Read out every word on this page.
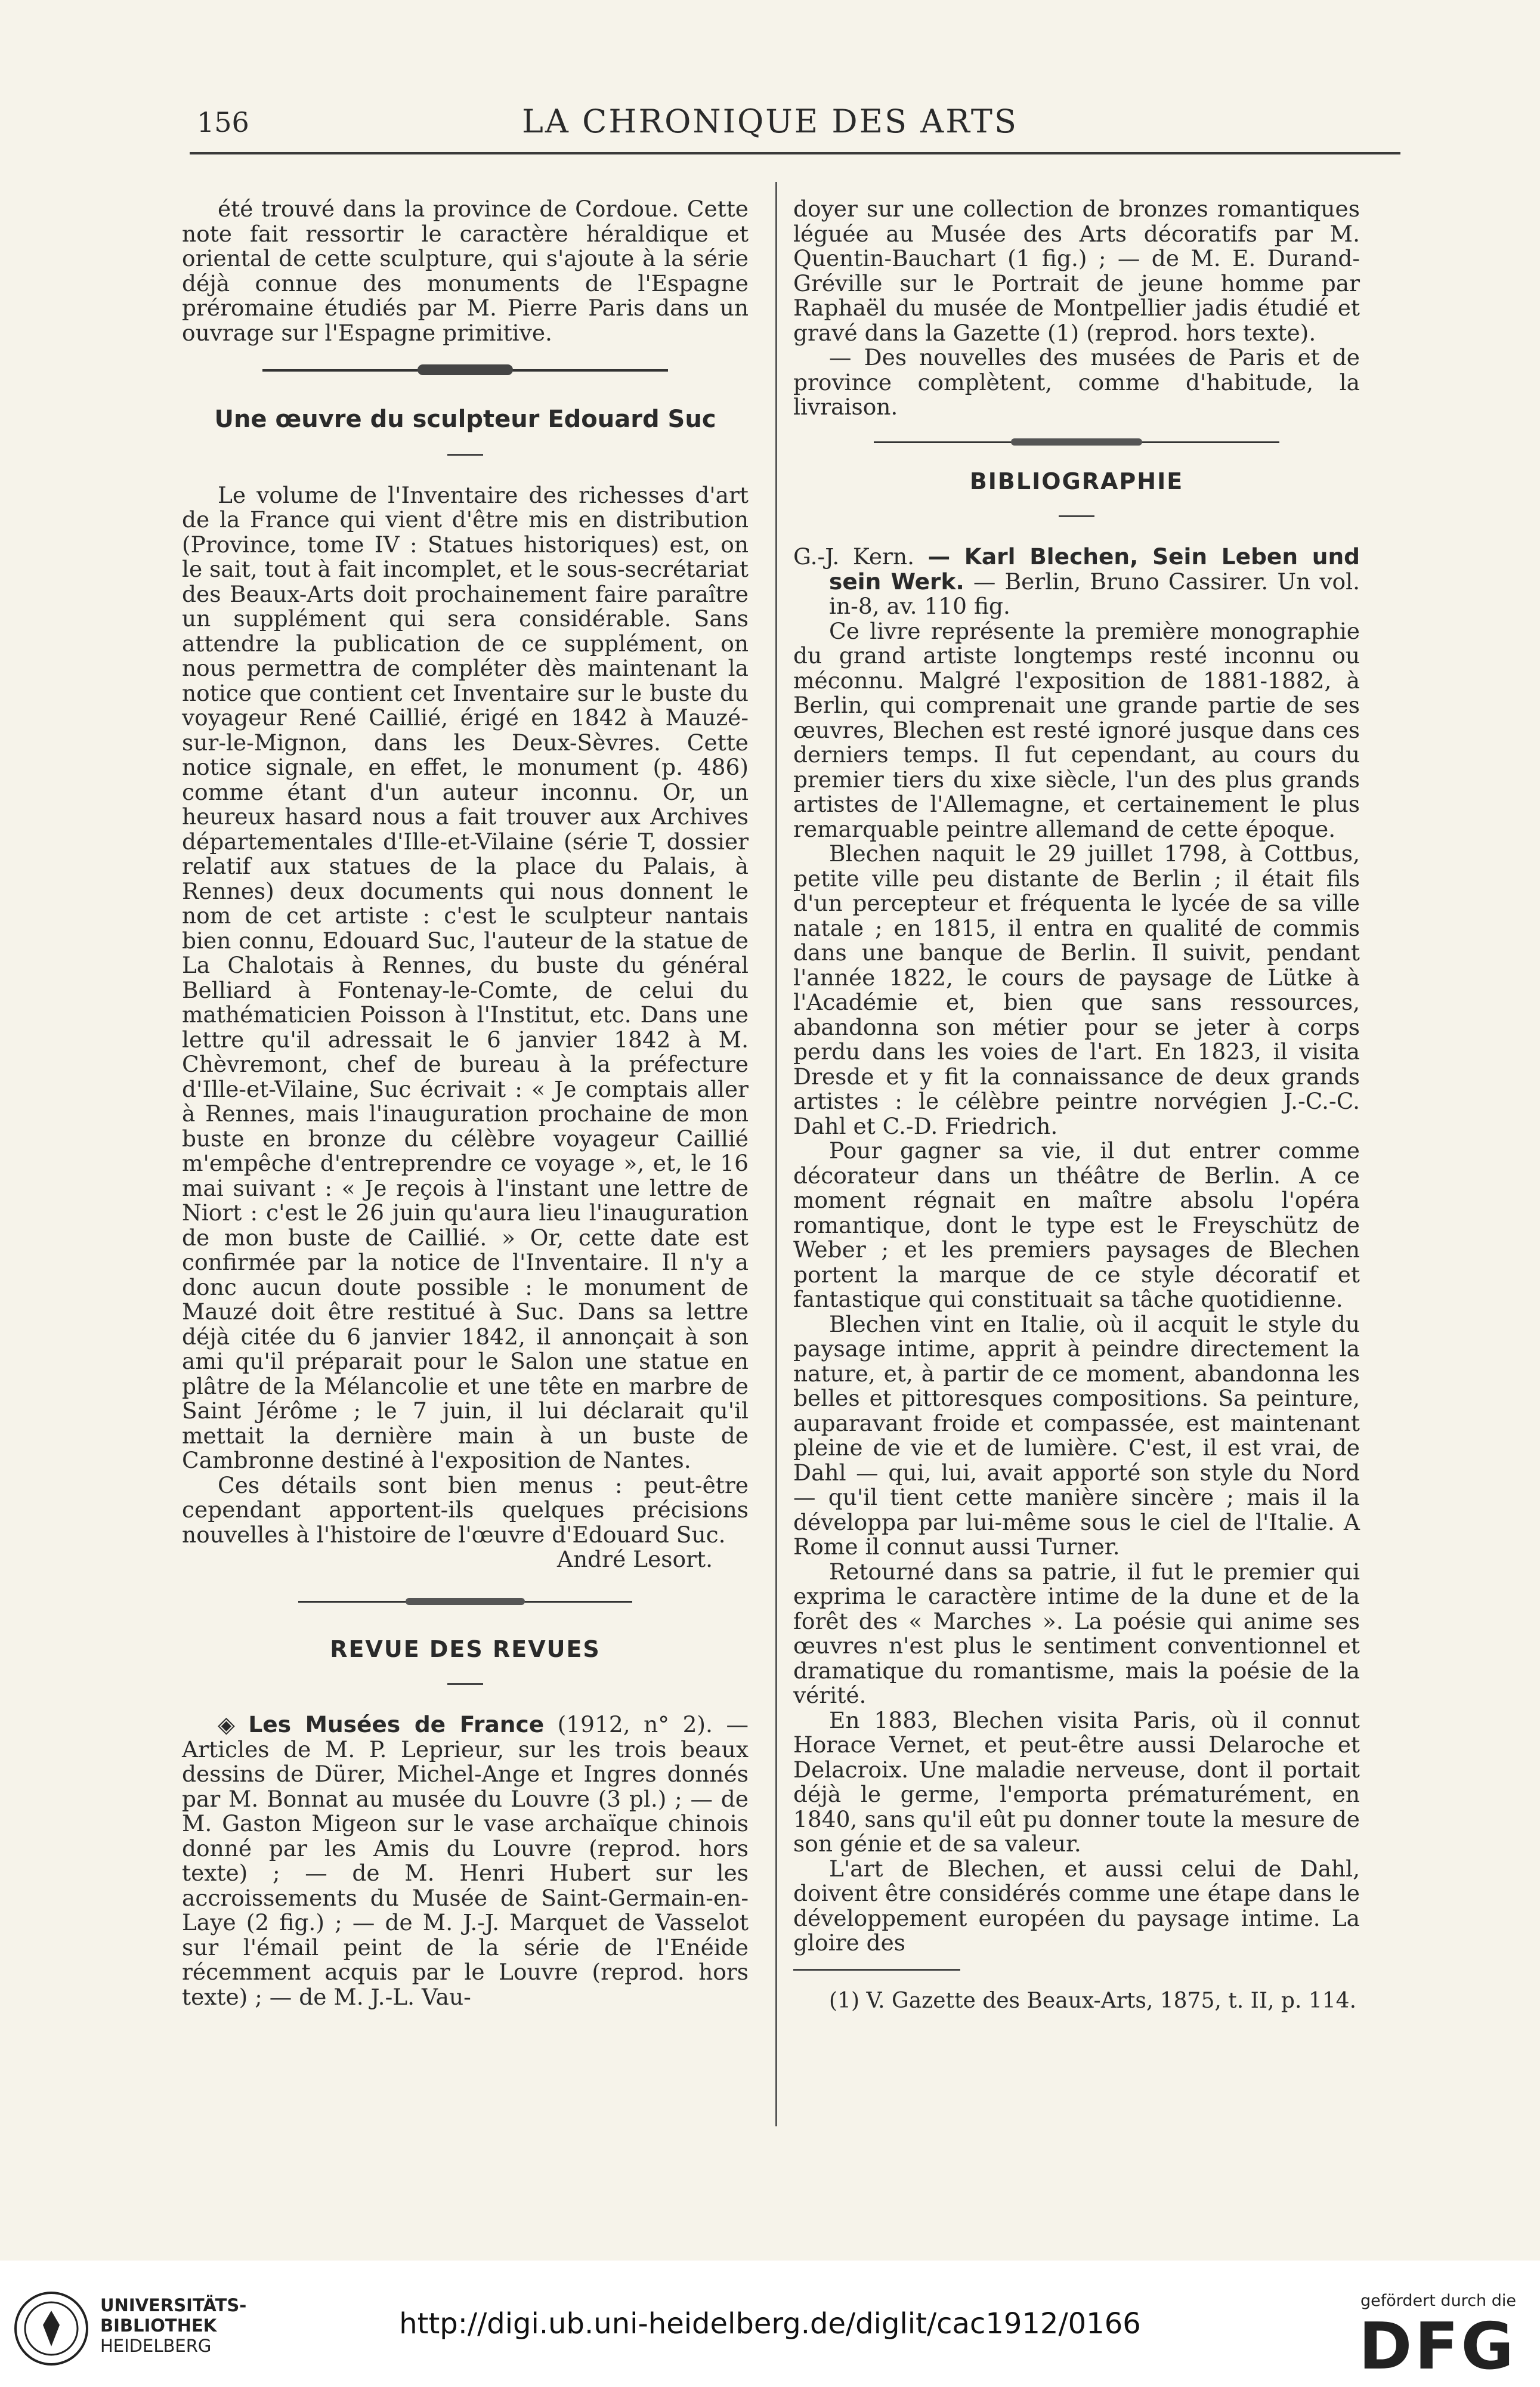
156	LA CHRONIQUE DES ARTS

été trouvé dans la province de Cordoue. Cette note fait ressortir le caractère héraldique et oriental de cette sculpture, qui s'ajoute à la série déjà connue des monuments de l'Espagne préromaine étudiés par M. Pierre Paris dans un ouvrage sur l'Espagne primitive.

Une œuvre du sculpteur Edouard Suc

Le volume de l'Inventaire des richesses d'art de la France qui vient d'être mis en distribution (Province, tome IV : Statues historiques) est, on le sait, tout à fait incomplet, et le sous-secrétariat des Beaux-Arts doit prochainement faire paraître un supplément qui sera considérable. Sans attendre la publication de ce supplément, on nous permettra de compléter dès maintenant la notice que contient cet Inventaire sur le buste du voyageur René Caillié, érigé en 1842 à Mauzé-sur-le-Mignon, dans les Deux-Sèvres. Cette notice signale, en effet, le monument (p. 486) comme étant d'un auteur inconnu. Or, un heureux hasard nous a fait trouver aux Archives départementales d'Ille-et-Vilaine (série T, dossier relatif aux statues de la place du Palais, à Rennes) deux documents qui nous donnent le nom de cet artiste : c'est le sculpteur nantais bien connu, Edouard Suc, l'auteur de la statue de La Chalotais à Rennes, du buste du général Belliard à Fontenay-le-Comte, de celui du mathématicien Poisson à l'Institut, etc. Dans une lettre qu'il adressait le 6 janvier 1842 à M. Chèvremont, chef de bureau à la préfecture d'Ille-et-Vilaine, Suc écrivait : « Je comptais aller à Rennes, mais l'inauguration prochaine de mon buste en bronze du célèbre voyageur Caillié m'empêche d'entreprendre ce voyage », et, le 16 mai suivant : « Je reçois à l'instant une lettre de Niort : c'est le 26 juin qu'aura lieu l'inauguration de mon buste de Caillié. » Or, cette date est confirmée par la notice de l'Inventaire. Il n'y a donc aucun doute possible : le monument de Mauzé doit être restitué à Suc. Dans sa lettre déjà citée du 6 janvier 1842, il annonçait à son ami qu'il préparait pour le Salon une statue en plâtre de la Mélancolie et une tête en marbre de Saint Jérôme ; le 7 juin, il lui déclarait qu'il mettait la dernière main à un buste de Cambronne destiné à l'exposition de Nantes.

Ces détails sont bien menus : peut-être cependant apportent-ils quelques précisions nouvelles à l'histoire de l'œuvre d'Edouard Suc.

André Lesort.

REVUE DES REVUES

◈ Les Musées de France (1912, n° 2). — Articles de M. P. Leprieur, sur les trois beaux dessins de Dürer, Michel-Ange et Ingres donnés par M. Bonnat au musée du Louvre (3 pl.) ; — de M. Gaston Migeon sur le vase archaïque chinois donné par les Amis du Louvre (reprod. hors texte) ; — de M. Henri Hubert sur les accroissements du Musée de Saint-Germain-en-Laye (2 fig.) ; — de M. J.-J. Marquet de Vasselot sur l'émail peint de la série de l'Enéide récemment acquis par le Louvre (reprod. hors texte) ; — de M. J.-L. Vau-

doyer sur une collection de bronzes romantiques léguée au Musée des Arts décoratifs par M. Quentin-Bauchart (1 fig.) ; — de M. E. Durand-Gréville sur le Portrait de jeune homme par Raphaël du musée de Montpellier jadis étudié et gravé dans la Gazette (1) (reprod. hors texte).

— Des nouvelles des musées de Paris et de province complètent, comme d'habitude, la livraison.

BIBLIOGRAPHIE

G.-J. Kern. — Karl Blechen, Sein Leben und sein Werk. — Berlin, Bruno Cassirer. Un vol. in-8, av. 110 fig.

Ce livre représente la première monographie du grand artiste longtemps resté inconnu ou méconnu. Malgré l'exposition de 1881-1882, à Berlin, qui comprenait une grande partie de ses œuvres, Blechen est resté ignoré jusque dans ces derniers temps. Il fut cependant, au cours du premier tiers du xixe siècle, l'un des plus grands artistes de l'Allemagne, et certainement le plus remarquable peintre allemand de cette époque.

Blechen naquit le 29 juillet 1798, à Cottbus, petite ville peu distante de Berlin ; il était fils d'un percepteur et fréquenta le lycée de sa ville natale ; en 1815, il entra en qualité de commis dans une banque de Berlin. Il suivit, pendant l'année 1822, le cours de paysage de Lütke à l'Académie et, bien que sans ressources, abandonna son métier pour se jeter à corps perdu dans les voies de l'art. En 1823, il visita Dresde et y fit la connaissance de deux grands artistes : le célèbre peintre norvégien J.-C.-C. Dahl et C.-D. Friedrich.

Pour gagner sa vie, il dut entrer comme décorateur dans un théâtre de Berlin. A ce moment régnait en maître absolu l'opéra romantique, dont le type est le Freyschütz de Weber ; et les premiers paysages de Blechen portent la marque de ce style décoratif et fantastique qui constituait sa tâche quotidienne.

Blechen vint en Italie, où il acquit le style du paysage intime, apprit à peindre directement la nature, et, à partir de ce moment, abandonna les belles et pittoresques compositions. Sa peinture, auparavant froide et compassée, est maintenant pleine de vie et de lumière. C'est, il est vrai, de Dahl — qui, lui, avait apporté son style du Nord — qu'il tient cette manière sincère ; mais il la développa par lui-même sous le ciel de l'Italie. A Rome il connut aussi Turner.

Retourné dans sa patrie, il fut le premier qui exprima le caractère intime de la dune et de la forêt des « Marches ». La poésie qui anime ses œuvres n'est plus le sentiment conventionnel et dramatique du romantisme, mais la poésie de la vérité.

En 1883, Blechen visita Paris, où il connut Horace Vernet, et peut-être aussi Delaroche et Delacroix. Une maladie nerveuse, dont il portait déjà le germe, l'emporta prématurément, en 1840, sans qu'il eût pu donner toute la mesure de son génie et de sa valeur.

L'art de Blechen, et aussi celui de Dahl, doivent être considérés comme une étape dans le développement européen du paysage intime. La gloire des

(1) V. Gazette des Beaux-Arts, 1875, t. II, p. 114.

UNIVERSITÄTS-
BIBLIOTHEK
HEIDELBERG
http://digi.ub.uni-heidelberg.de/diglit/cac1912/0166
gefördert durch die
DFG
